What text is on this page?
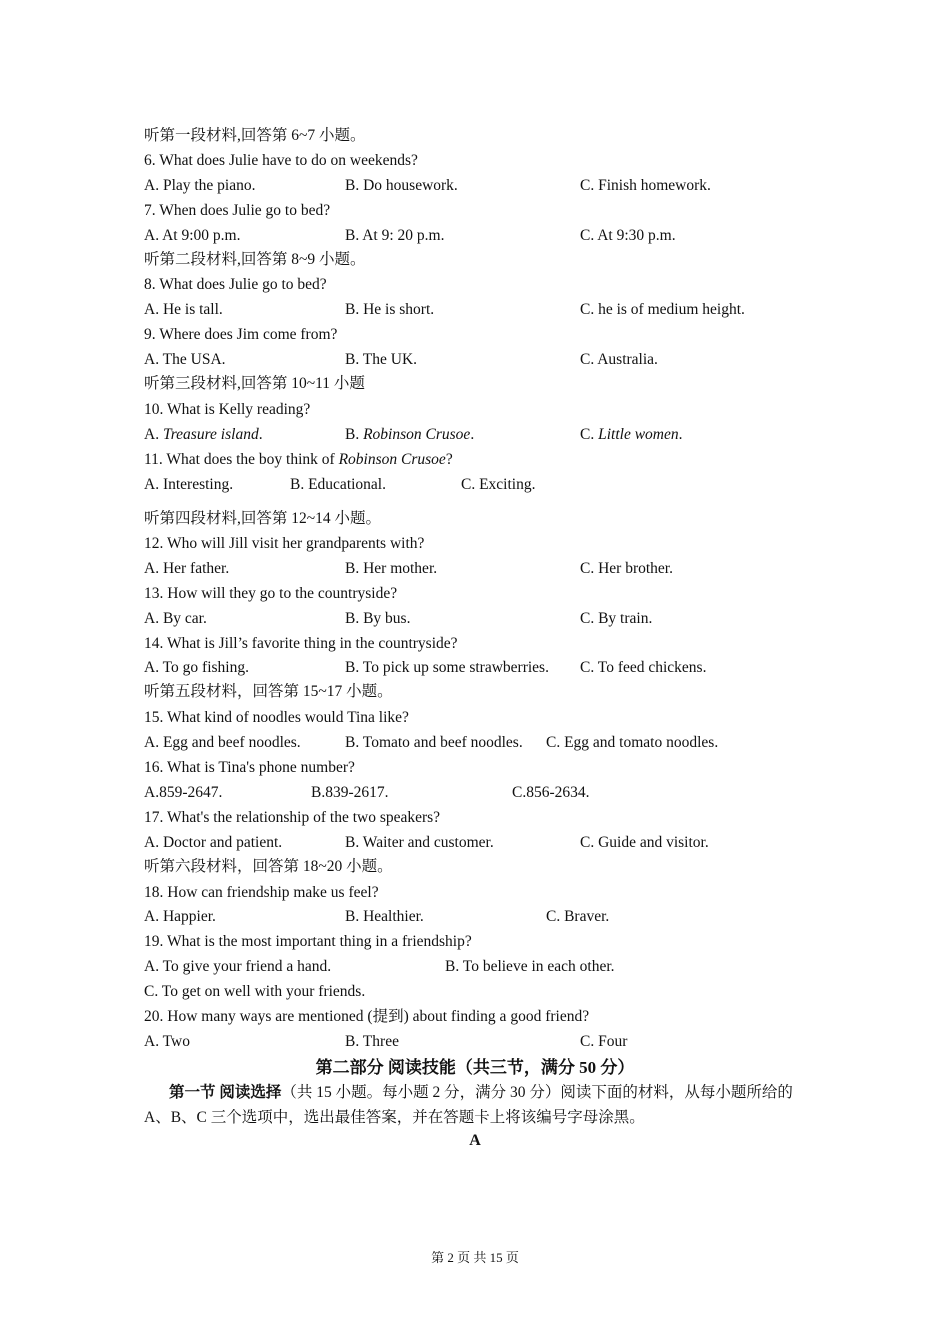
听第一段材料,回答第 6~7 小题。
6. What does Julie have to do on weekends?
A. Play the piano.	B. Do housework.	C. Finish homework.
7. When does Julie go to bed?
A. At 9:00 p.m.	B. At 9: 20 p.m.	C. At 9:30 p.m.
听第二段材料,回答第 8~9 小题。
8. What does Julie go to bed?
A. He is tall.	B. He is short.	C. he is of medium height.
9. Where does Jim come from?
A. The USA.	B. The UK.	C. Australia.
听第三段材料,回答第 10~11 小题
10. What is Kelly reading?
A. Treasure island.	B. Robinson Crusoe.	C. Little women.
11. What does the boy think of Robinson Crusoe?
A. Interesting.	B. Educational.	C. Exciting.
听第四段材料,回答第 12~14 小题。
12. Who will Jill visit her grandparents with?
A. Her father.	B. Her mother.	C. Her brother.
13. How will they go to the countryside?
A. By car.	B. By bus.	C. By train.
14. What is Jill’s favorite thing in the countryside?
A. To go fishing.	B. To pick up some strawberries. C. To feed chickens.
听第五段材料，回答第 15~17 小题。
15. What kind of noodles would Tina like?
A. Egg and beef noodles.	B. Tomato and beef noodles. C. Egg and tomato noodles.
16. What is Tina's phone number?
A.859-2647.	B.839-2617.	C.856-2634.
17. What's the relationship of the two speakers?
A. Doctor and patient.	B. Waiter and customer.	C. Guide and visitor.
听第六段材料，回答第 18~20 小题。
18. How can friendship make us feel?
A. Happier.	B. Healthier.	C. Braver.
19. What is the most important thing in a friendship?
A. To give your friend a hand.	B. To believe in each other.
C. To get on well with your friends.
20. How many ways are mentioned (提到) about finding a good friend?
A. Two	B. Three	C. Four
第二部分 阅读技能（共三节，满分 50 分）
第一节 阅读选择（共 15 小题。每小题 2 分，满分 30 分）阅读下面的材料，从每小题所给的 A、B、C 三个选项中，选出最佳答案，并在答题卡上将该编号字母涂黑。
A
第 2 页 共 15 页
